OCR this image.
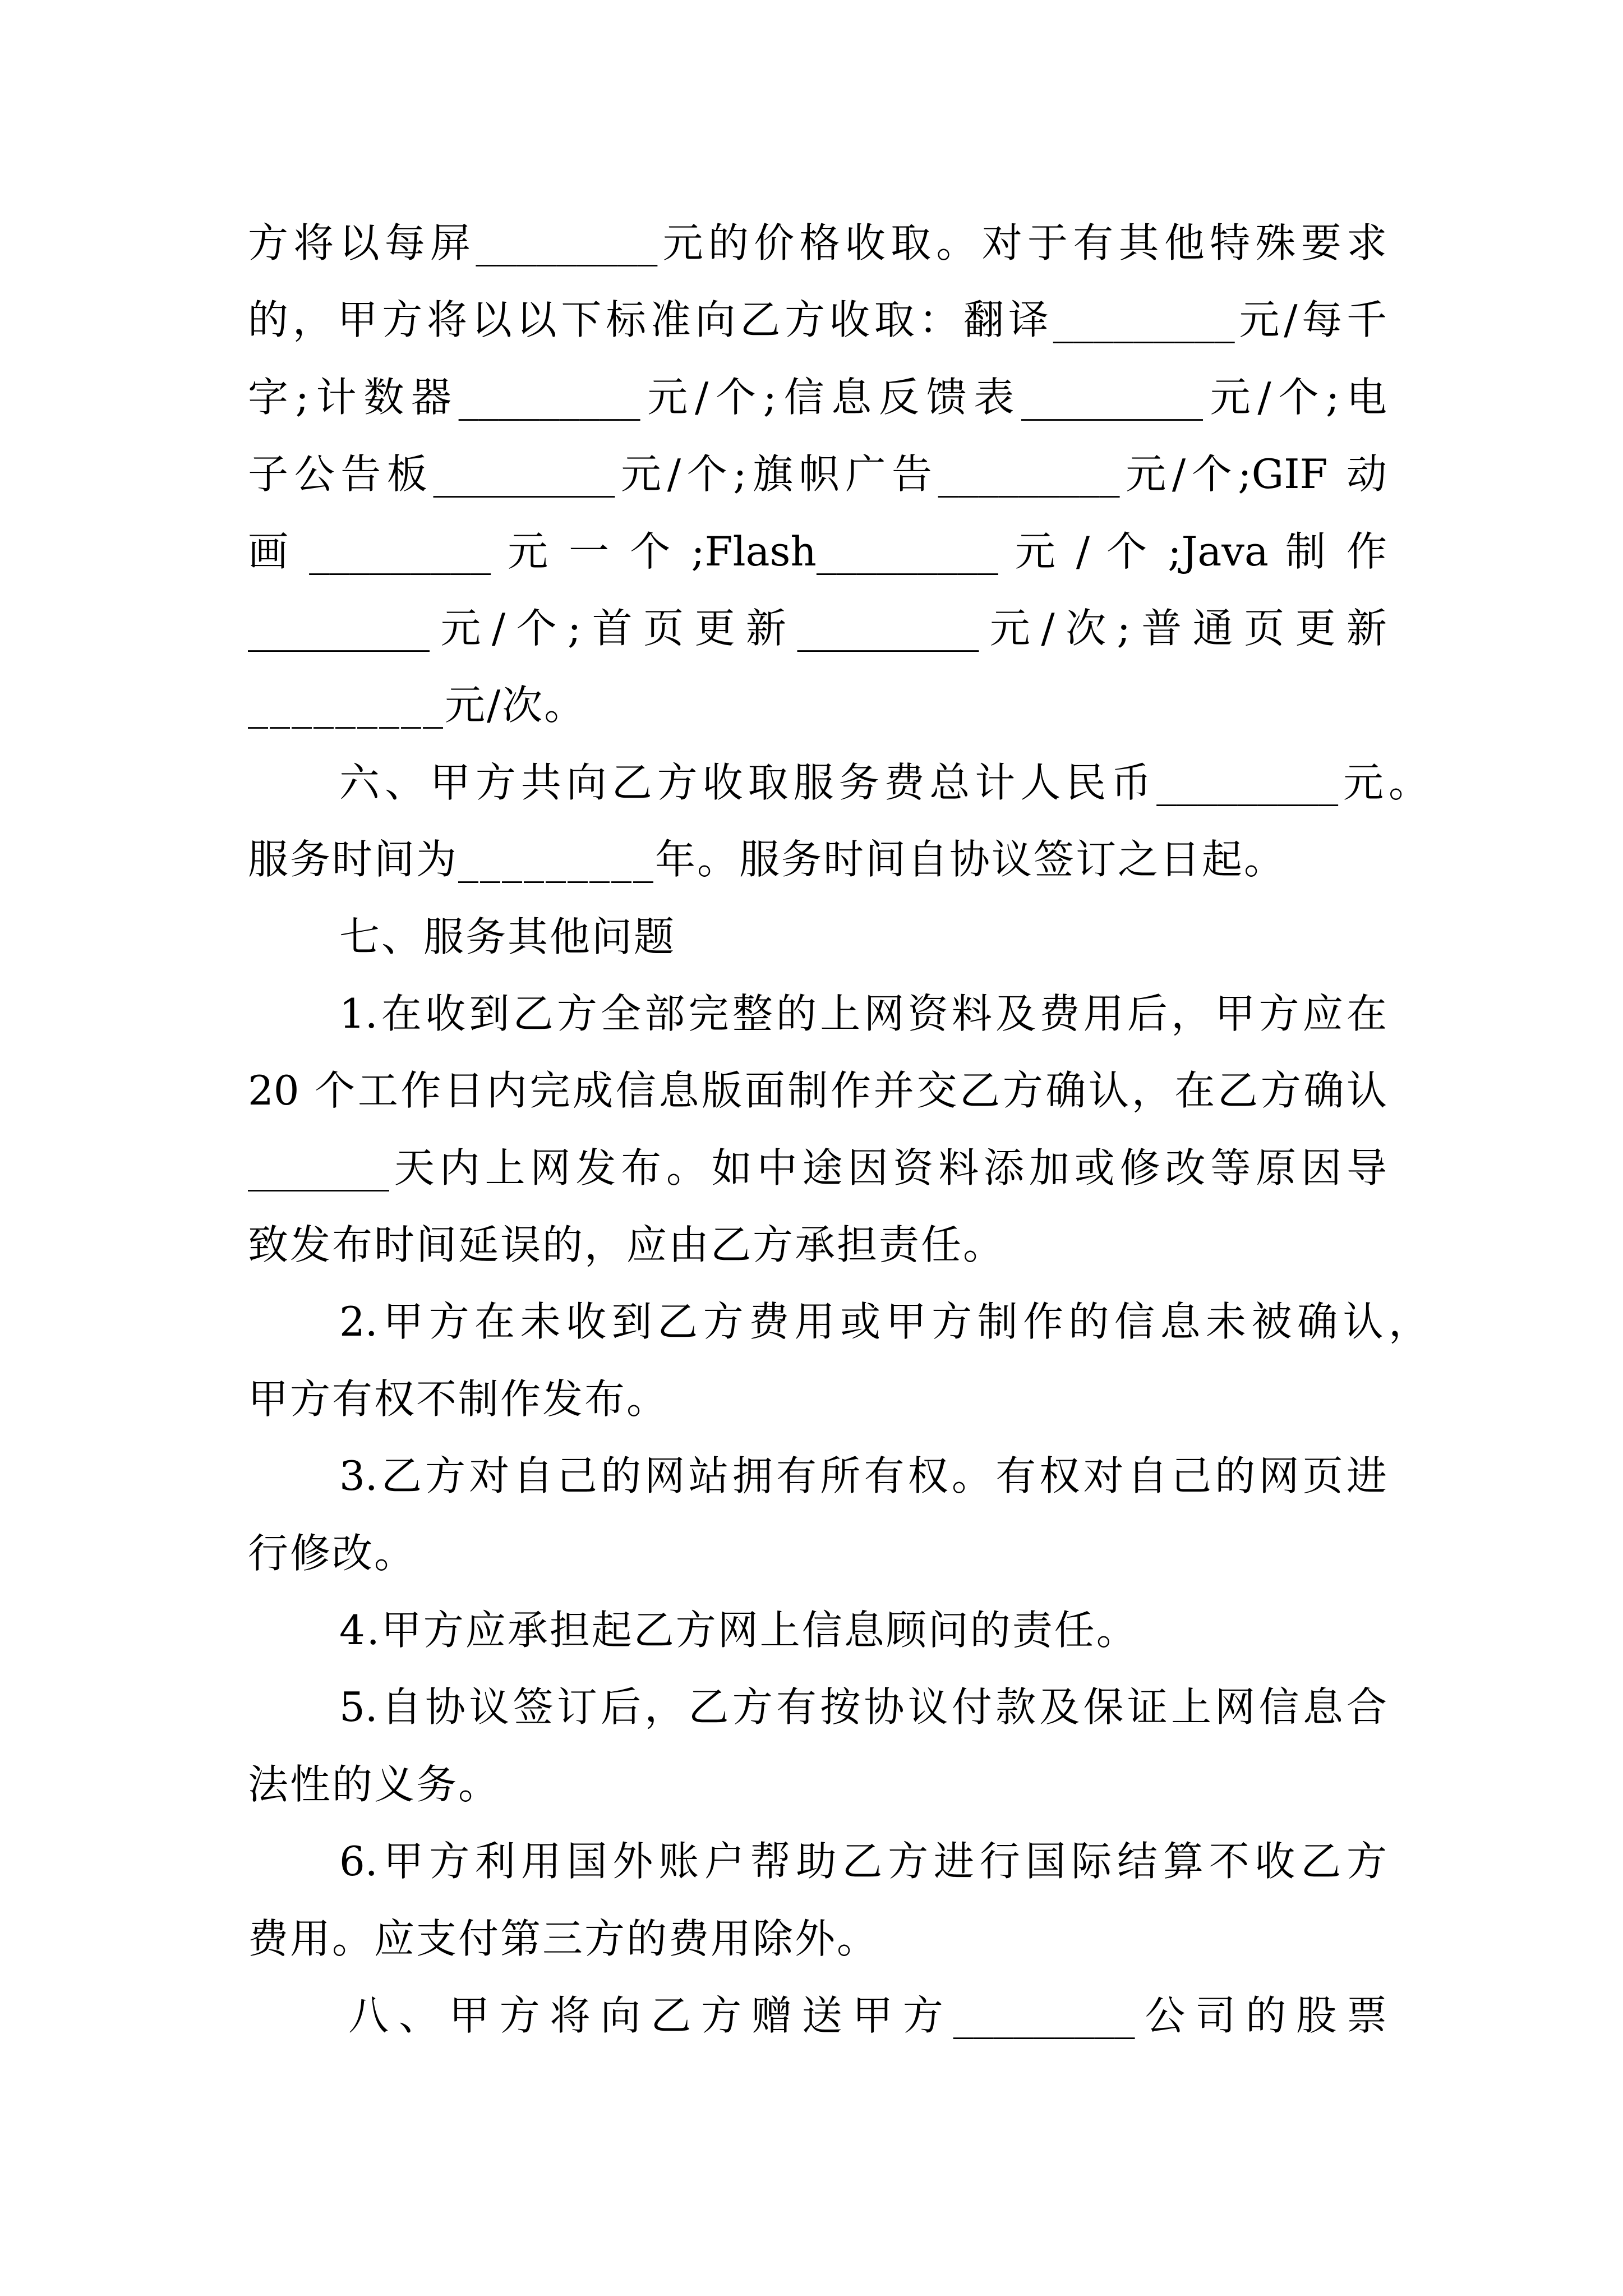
方将以每屏_________元的价格收取。对于有其他特殊要求
的，甲方将以以下标准向乙方收取：翻译_________元/每千
字;计数器_________元/个;信息反馈表_________元/个;电
子公告板_________元/个;旗帜广告_________元/个;GIF 动
画 _________ 元 一 个 ;Flash_________ 元 / 个 ;Java 制 作
_________元/个;首页更新_________元/次;普通页更新
_________元/次。
六、甲方共向乙方收取服务费总计人民币_________元。
服务时间为_________年。服务时间自协议签订之日起。
七、服务其他问题
1.在收到乙方全部完整的上网资料及费用后，甲方应在
20 个工作日内完成信息版面制作并交乙方确认，在乙方确认
_______天内上网发布。如中途因资料添加或修改等原因导
致发布时间延误的，应由乙方承担责任。
2.甲方在未收到乙方费用或甲方制作的信息未被确认，
甲方有权不制作发布。
3.乙方对自己的网站拥有所有权。有权对自己的网页进
行修改。
4.甲方应承担起乙方网上信息顾问的责任。
5.自协议签订后，乙方有按协议付款及保证上网信息合
法性的义务。
6.甲方利用国外账户帮助乙方进行国际结算不收乙方
费用。应支付第三方的费用除外。
八、甲方将向乙方赠送甲方_________公司的股票
